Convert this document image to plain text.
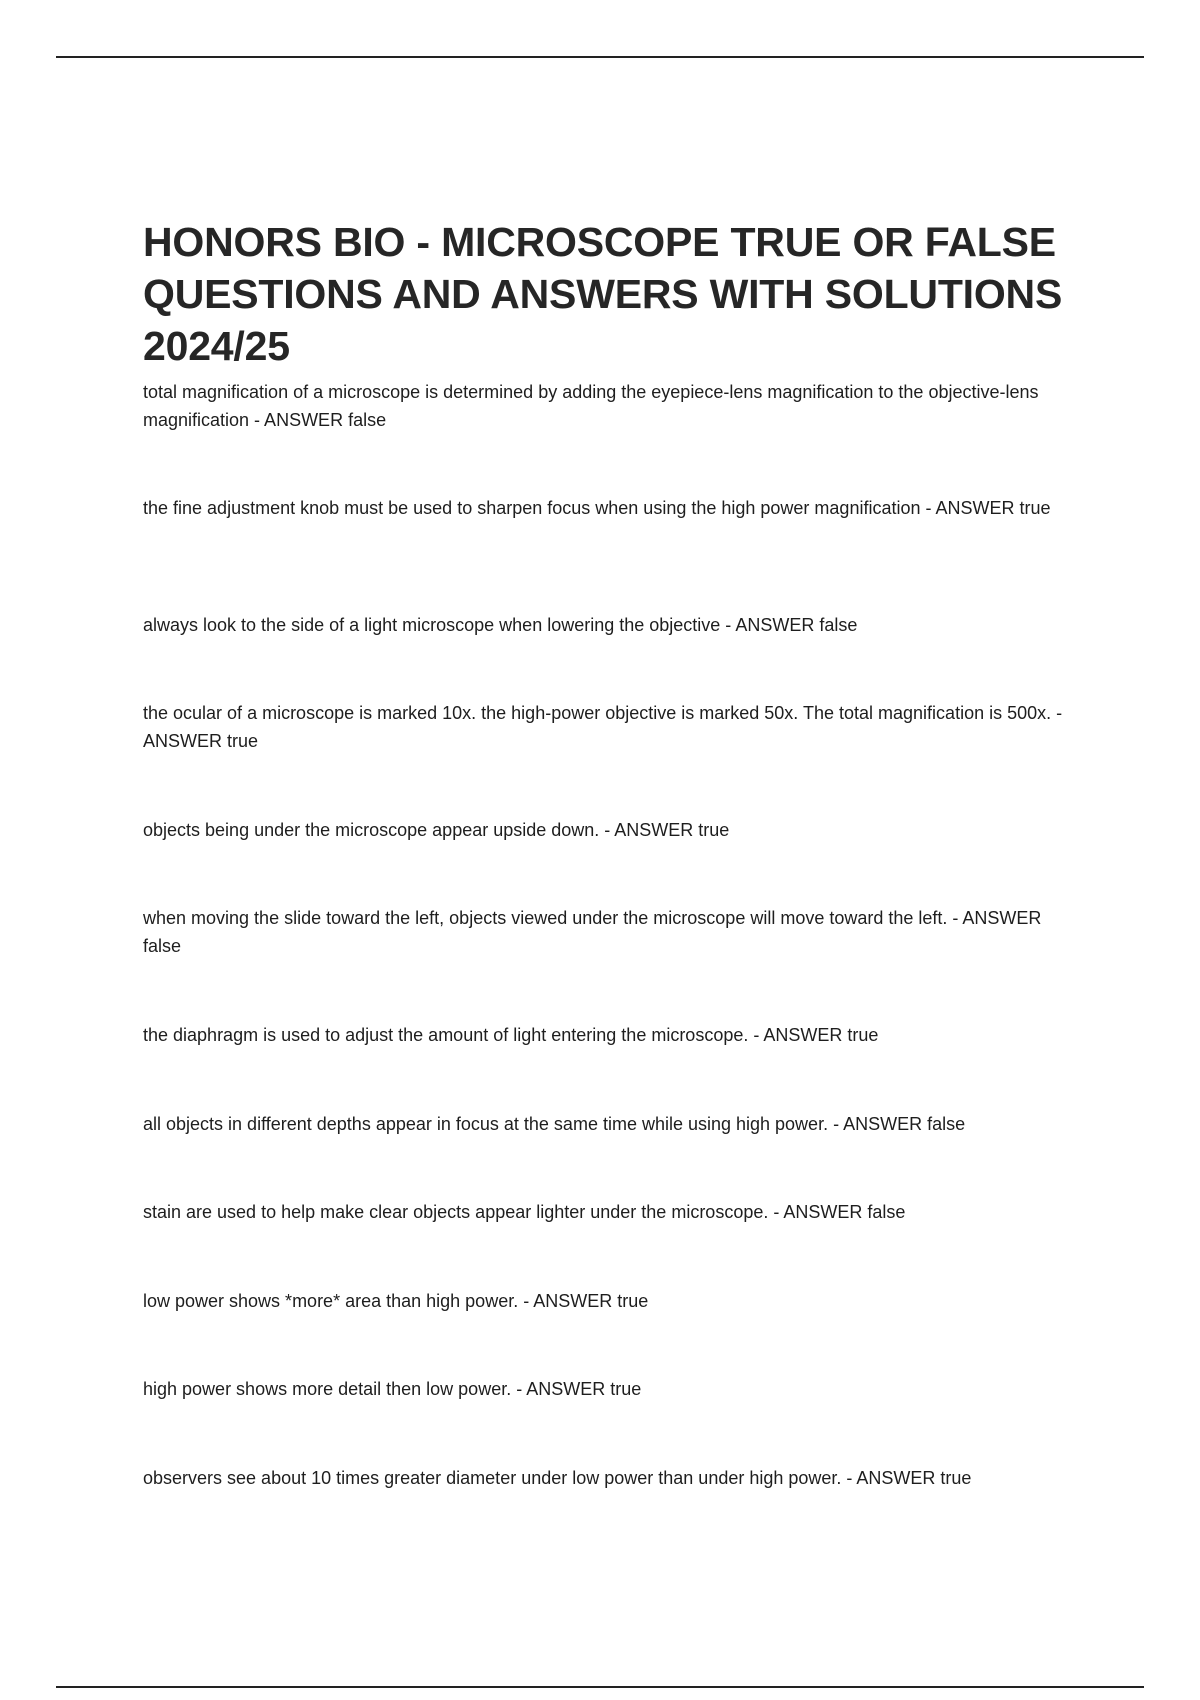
HONORS BIO - MICROSCOPE TRUE OR FALSE QUESTIONS AND ANSWERS WITH SOLUTIONS 2024/25
total magnification of a microscope is determined by adding the eyepiece-lens magnification to the objective-lens magnification - ANSWER false
the fine adjustment knob must be used to sharpen focus when using the high power magnification - ANSWER true
always look to the side of a light microscope when lowering the objective - ANSWER false
the ocular of a microscope is marked 10x. the high-power objective is marked 50x. The total magnification is 500x. - ANSWER true
objects being under the microscope appear upside down. - ANSWER true
when moving the slide toward the left, objects viewed under the microscope will move toward the left. - ANSWER false
the diaphragm is used to adjust the amount of light entering the microscope. - ANSWER true
all objects in different depths appear in focus at the same time while using high power. - ANSWER false
stain are used to help make clear objects appear lighter under the microscope. - ANSWER false
low power shows *more* area than high power. - ANSWER true
high power shows more detail then low power. - ANSWER true
observers see about 10 times greater diameter under low power than under high power. - ANSWER true
